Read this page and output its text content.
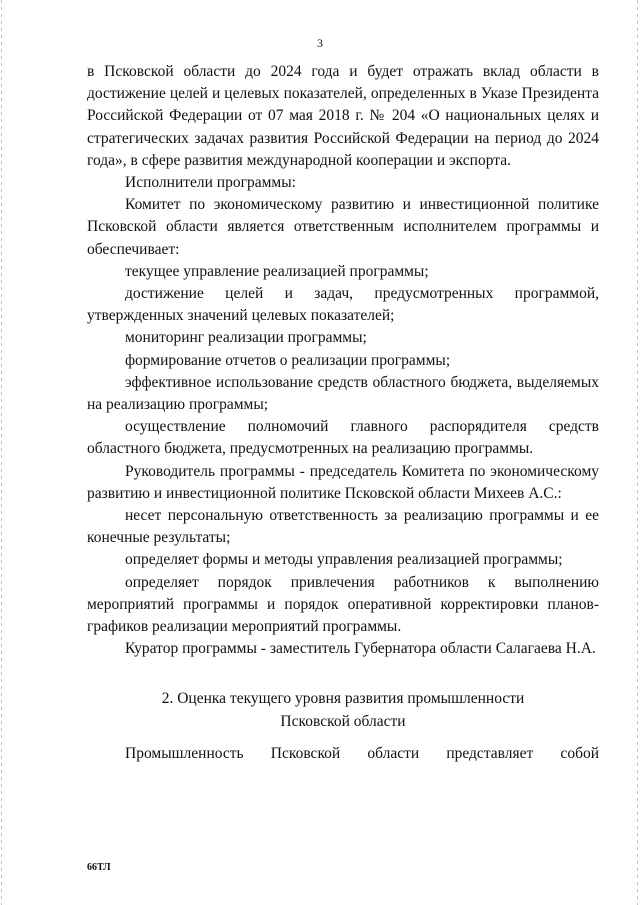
3

в Псковской области до 2024 года и будет отражать вклад области в достижение целей и целевых показателей, определенных в Указе Президента Российской Федерации от 07 мая 2018 г. № 204 «О национальных целях и стратегических задачах развития Российской Федерации на период до 2024 года», в сфере развития международной кооперации и экспорта.

Исполнители программы:

Комитет по экономическому развитию и инвестиционной политике Псковской области является ответственным исполнителем программы и обеспечивает:

текущее управление реализацией программы;

достижение целей и задач, предусмотренных программой, утвержденных значений целевых показателей;

мониторинг реализации программы;

формирование отчетов о реализации программы;

эффективное использование средств областного бюджета, выделяемых на реализацию программы;

осуществление полномочий главного распорядителя средств областного бюджета, предусмотренных на реализацию программы.

Руководитель программы - председатель Комитета по экономическому развитию и инвестиционной политике Псковской области Михеев А.С.:

несет персональную ответственность за реализацию программы и ее конечные результаты;

определяет формы и методы управления реализацией программы;

определяет порядок привлечения работников к выполнению мероприятий программы и порядок оперативной корректировки планов-графиков реализации мероприятий программы.

Куратор программы - заместитель Губернатора области Салагаева Н.А.

2. Оценка текущего уровня развития промышленности
Псковской области

Промышленность Псковской области представляет собой

66ТЛ
